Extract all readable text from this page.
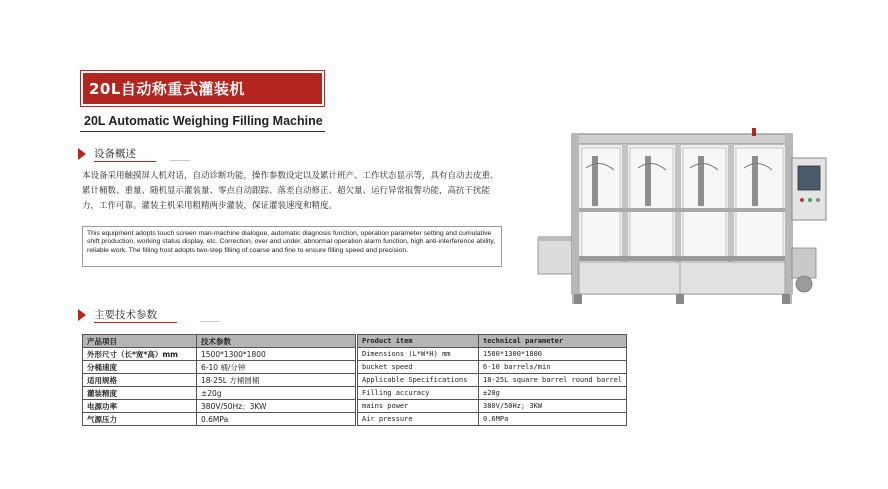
20L自动称重式灌装机
20L Automatic Weighing Filling Machine
设备概述
本设备采用触摸屏人机对话，自动诊断功能，操作参数设定以及累计班产、工作状态显示等，具有自动去皮重、累计桶数、重量、随机显示灌装量、零点自动跟踪、落差自动修正、超欠量、运行异常报警功能，高抗干扰能力，工作可靠。灌装主机采用粗精两步灌装，保证灌装速度和精度。
This equipment adopts touch screen man-machine dialogue, automatic diagnosis function, operation parameter setting and cumulative shift production, working status display, etc. Correction, over and under, abnormal operation alarm function, high anti-interference ability, reliable work. The filling host adopts two-step filling of coarse and fine to ensure filling speed and precision.
主要技术参数
产品项目	技术参数
外形尺寸（长*宽*高）mm	1500*1300*1800
分桶速度	6-10 桶/分钟
适用规格	18-25L 方桶圆桶
灌装精度	±20g
电源功率	380V/50Hz；3KW
气源压力	0.6MPa
Product item	technical parameter
Dimensions (L*W*H) mm	1500*1300*1800
bucket speed	6-10 barrels/min
Applicable Specifications	18-25L square barrel round barrel
Filling accuracy	±20g
mains power	380V/50Hz; 3KW
Air pressure	0.6MPa
